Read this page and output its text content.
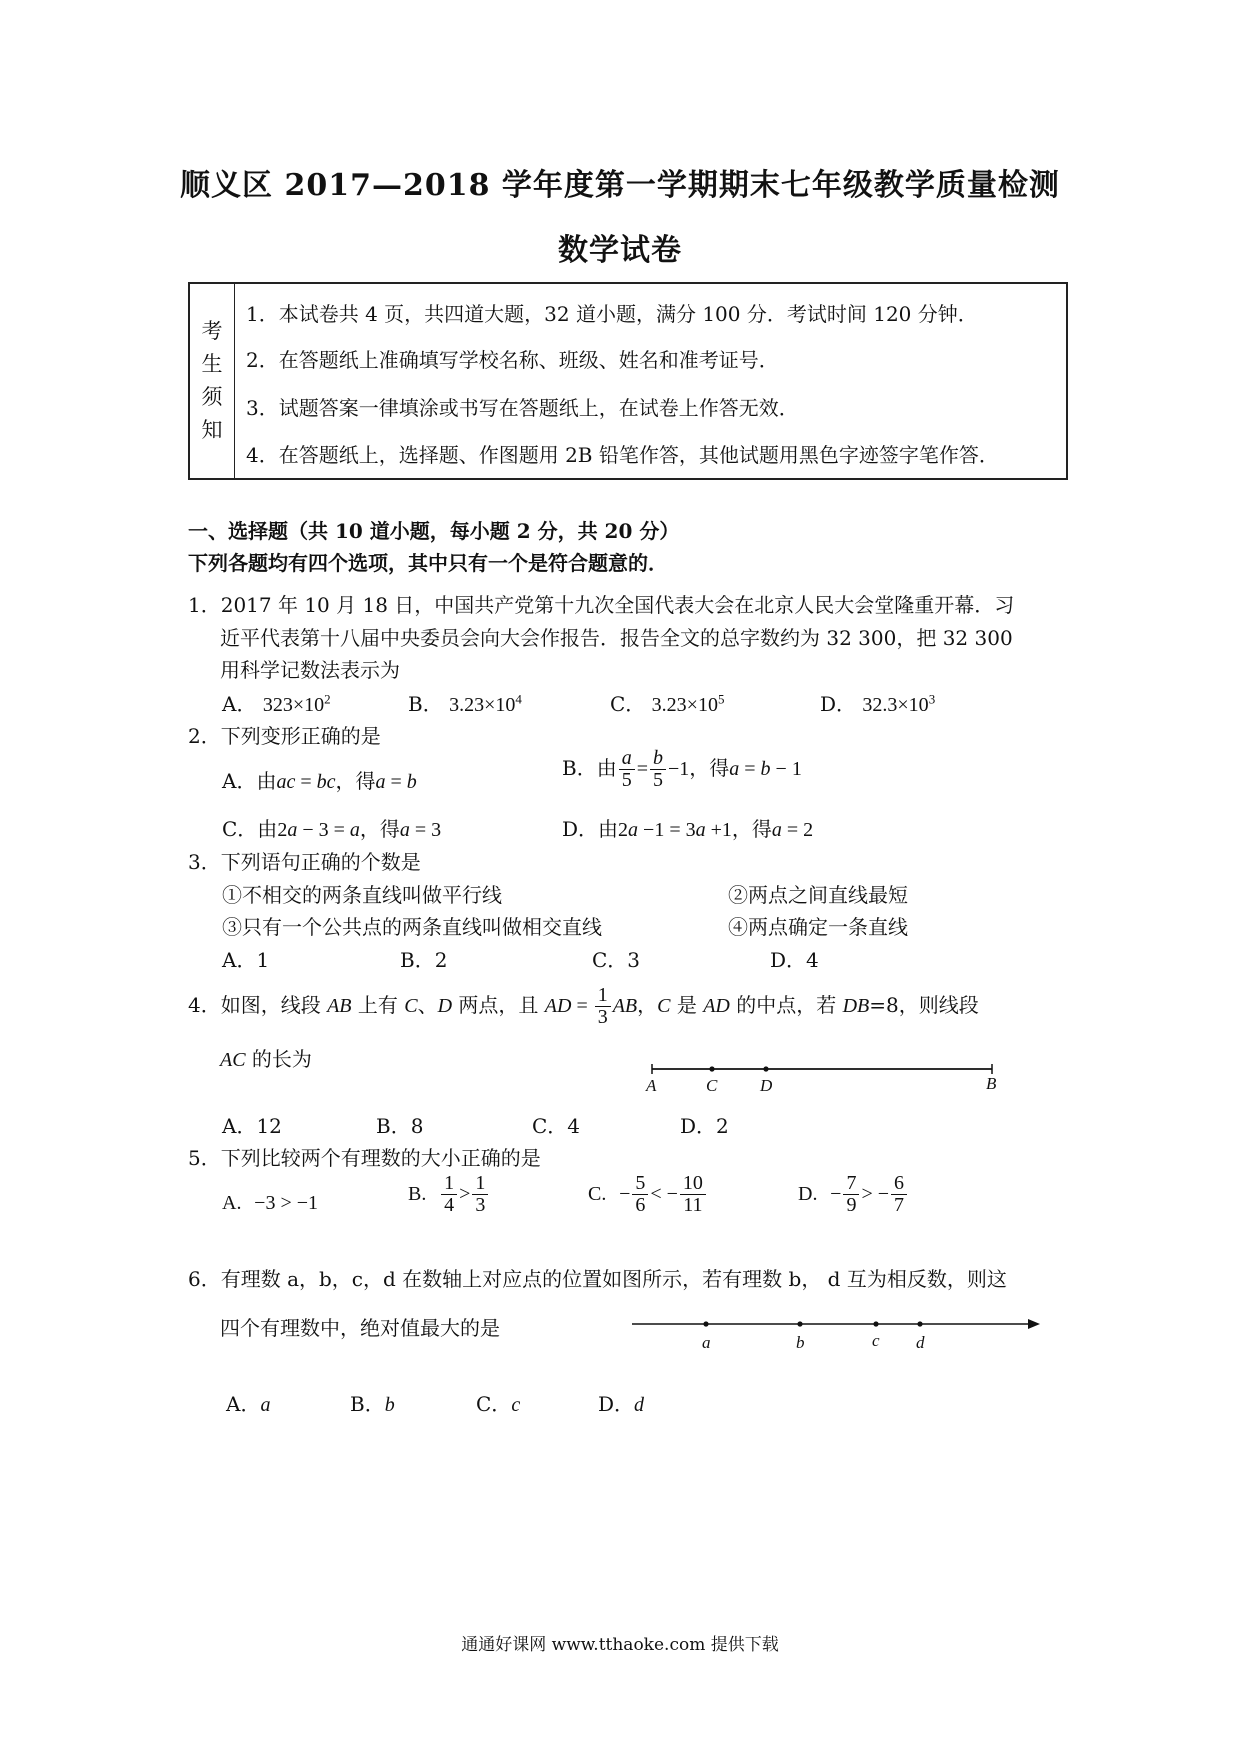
顺义区 2017—2018 学年度第一学期期末七年级教学质量检测
数学试卷
考
生
须
知
1．本试卷共 4 页，共四道大题，32 道小题，满分 100 分．考试时间 120 分钟．
2．在答题纸上准确填写学校名称、班级、姓名和准考证号．
3．试题答案一律填涂或书写在答题纸上，在试卷上作答无效．
4．在答题纸上，选择题、作图题用 2B 铅笔作答，其他试题用黑色字迹签字笔作答．
一、选择题（共 10 道小题，每小题 2 分，共 20 分）
下列各题均有四个选项，其中只有一个是符合题意的．
1．2017 年 10 月 18 日，中国共产党第十九次全国代表大会在北京人民大会堂隆重开幕．习
近平代表第十八届中央委员会向大会作报告．报告全文的总字数约为 32 300，把 32 300
用科学记数法表示为
A． $323\times 10^2$	B． $3.23\times 10^4$	C． $3.23\times 10^5$	D． $32.3\times 10^3$
2．下列变形正确的是
A．由ac = bc，得a = b
B．由 $\frac{a}{5} = \frac{b}{5} -1$，得a = b − 1
C．由2a − 3 = a，得a = 3	D．由2a −1 = 3a +1，得a = 2
3．下列语句正确的个数是
①不相交的两条直线叫做平行线	②两点之间直线最短
③只有一个公共点的两条直线叫做相交直线	④两点确定一条直线
A．1	B．2	C．3	D．4
4．如图，线段 AB 上有 C、D 两点，且 AD = $\frac{1}{3}$ AB，C 是 AD 的中点，若 DB=8，则线段
AC 的长为
A	C	D	B
A．12	B．8	C．4	D．2
5．下列比较两个有理数的大小正确的是
A. −3 > −1	B. $\frac{1}{4} > \frac{1}{3}$	C. − $\frac{5}{6}$ < − $\frac{10}{11}$	D. − $\frac{7}{9}$ > − $\frac{6}{7}$
6．有理数 a，b，c，d 在数轴上对应点的位置如图所示，若有理数 b， d 互为相反数，则这
四个有理数中，绝对值最大的是
a	b	c d
A．a	B．b	C．c	D．d
通通好课网 www.tthaoke.com 提供下载
